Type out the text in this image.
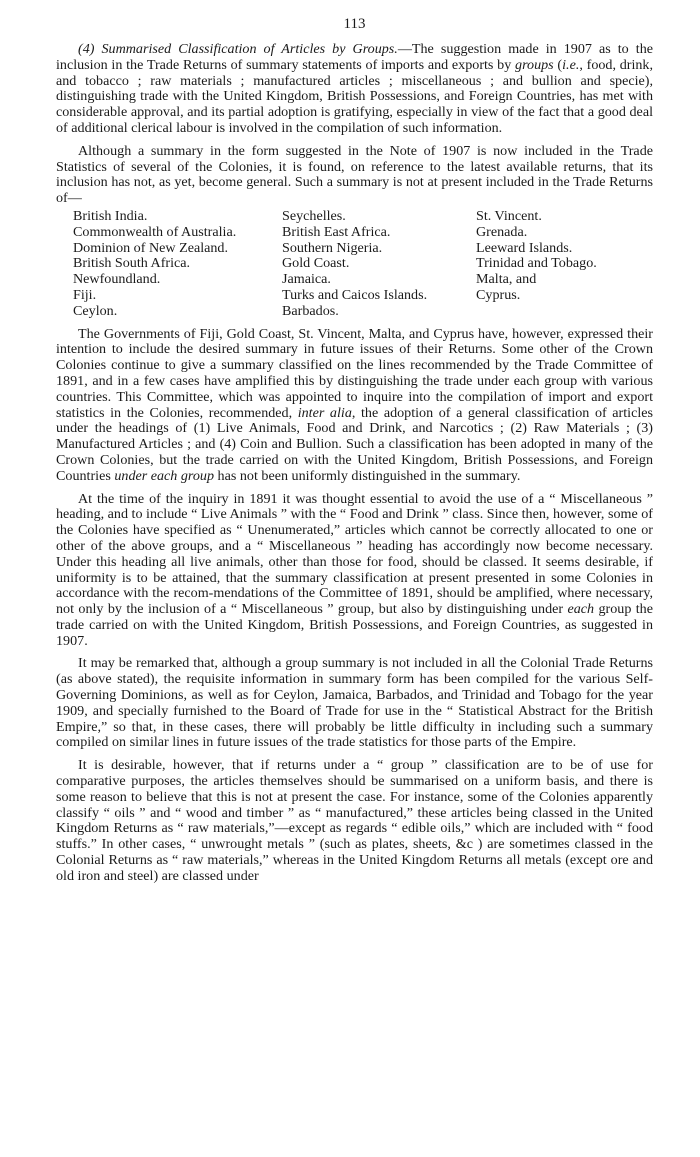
113

(4) Summarised Classification of Articles by Groups.—The suggestion made in 1907 as to the inclusion in the Trade Returns of summary statements of imports and exports by groups (i.e., food, drink, and tobacco ; raw materials ; manufactured articles ; miscellaneous ; and bullion and specie), distinguishing trade with the United Kingdom, British Possessions, and Foreign Countries, has met with considerable approval, and its partial adoption is gratifying, especially in view of the fact that a good deal of additional clerical labour is involved in the compilation of such information.

Although a summary in the form suggested in the Note of 1907 is now included in the Trade Statistics of several of the Colonies, it is found, on reference to the latest available returns, that its inclusion has not, as yet, become general. Such a summary is not at present included in the Trade Returns of—

British India.
Commonwealth of Australia.
Dominion of New Zealand.
British South Africa.
Newfoundland.
Fiji.
Ceylon.
Seychelles.
British East Africa.
Southern Nigeria.
Gold Coast.
Jamaica.
Turks and Caicos Islands.
Barbados.
St. Vincent.
Grenada.
Leeward Islands.
Trinidad and Tobago.
Malta, and
Cyprus.

The Governments of Fiji, Gold Coast, St. Vincent, Malta, and Cyprus have, however, expressed their intention to include the desired summary in future issues of their Returns. Some other of the Crown Colonies continue to give a summary classified on the lines recommended by the Trade Committee of 1891, and in a few cases have amplified this by distinguishing the trade under each group with various countries. This Committee, which was appointed to inquire into the compilation of import and export statistics in the Colonies, recommended, inter alia, the adoption of a general classification of articles under the headings of (1) Live Animals, Food and Drink, and Narcotics ; (2) Raw Materials ; (3) Manufactured Articles ; and (4) Coin and Bullion. Such a classification has been adopted in many of the Crown Colonies, but the trade carried on with the United Kingdom, British Possessions, and Foreign Countries under each group has not been uniformly distinguished in the summary.

At the time of the inquiry in 1891 it was thought essential to avoid the use of a “ Miscellaneous ” heading, and to include “ Live Animals ” with the “ Food and Drink ” class. Since then, however, some of the Colonies have specified as “ Unenumerated,” articles which cannot be correctly allocated to one or other of the above groups, and a “ Miscellaneous ” heading has accordingly now become necessary. Under this heading all live animals, other than those for food, should be classed. It seems desirable, if uniformity is to be attained, that the summary classification at present presented in some Colonies in accordance with the recom-mendations of the Committee of 1891, should be amplified, where necessary, not only by the inclusion of a “ Miscellaneous ” group, but also by distinguishing under each group the trade carried on with the United Kingdom, British Possessions, and Foreign Countries, as suggested in 1907.

It may be remarked that, although a group summary is not included in all the Colonial Trade Returns (as above stated), the requisite information in summary form has been compiled for the various Self-Governing Dominions, as well as for Ceylon, Jamaica, Barbados, and Trinidad and Tobago for the year 1909, and specially furnished to the Board of Trade for use in the “ Statistical Abstract for the British Empire,” so that, in these cases, there will probably be little difficulty in including such a summary compiled on similar lines in future issues of the trade statistics for those parts of the Empire.

It is desirable, however, that if returns under a “ group ” classification are to be of use for comparative purposes, the articles themselves should be summarised on a uniform basis, and there is some reason to believe that this is not at present the case. For instance, some of the Colonies apparently classify “ oils ” and “ wood and timber ” as “ manufactured,” these articles being classed in the United Kingdom Returns as “ raw materials,”—except as regards “ edible oils,” which are included with “ food stuffs.” In other cases, “ unwrought metals ” (such as plates, sheets, &c ) are sometimes classed in the Colonial Returns as “ raw materials,” whereas in the United Kingdom Returns all metals (except ore and old iron and steel) are classed under
